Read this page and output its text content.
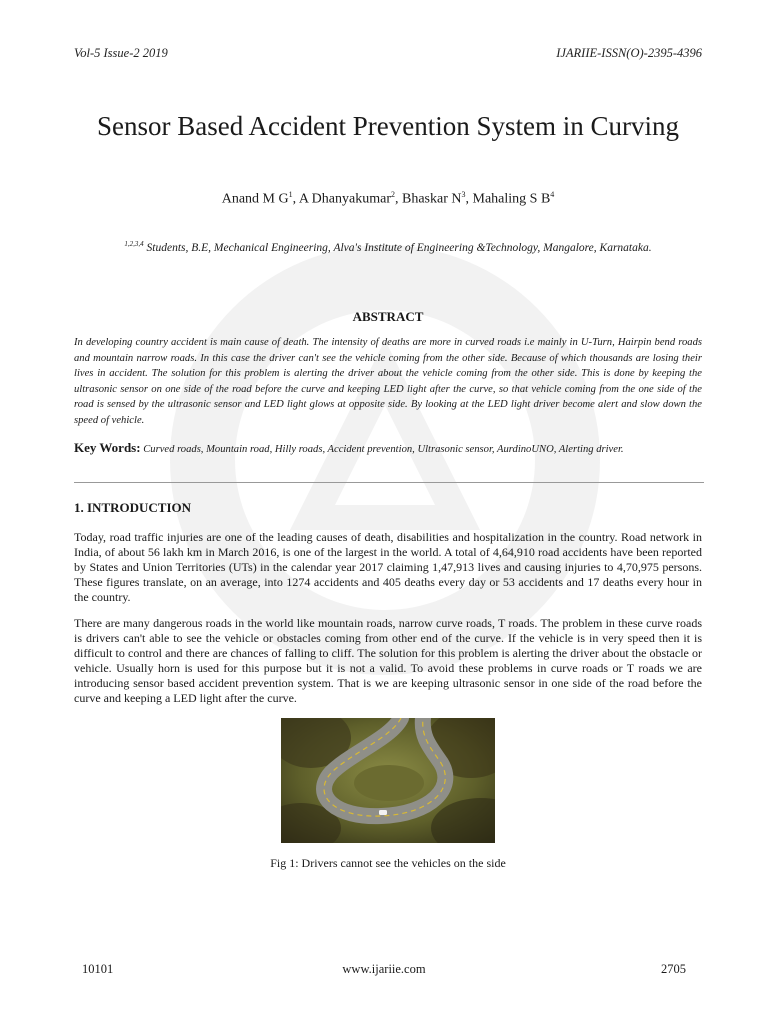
Vol-5 Issue-2 2019	IJARIIE-ISSN(O)-2395-4396
Sensor Based Accident Prevention System in Curving
Anand M $G^1$, A Dhanyakumar$^2$, Bhaskar $N^3$, Mahaling S $B^4$
$^{1,2,3,4}$ Students, B.E, Mechanical Engineering, Alva's Institute of Engineering &Technology, Mangalore, Karnataka.
ABSTRACT
In developing country accident is main cause of death. The intensity of deaths are more in curved roads i.e mainly in U-Turn, Hairpin bend roads and mountain narrow roads. In this case the driver can't see the vehicle coming from the other side. Because of which thousands are losing their lives in accident. The solution for this problem is alerting the driver about the vehicle coming from the other side. This is done by keeping the ultrasonic sensor on one side of the road before the curve and keeping LED light after the curve, so that vehicle coming from the one side of the road is sensed by the ultrasonic sensor and LED light glows at opposite side. By looking at the LED light driver become alert and slow down the speed of vehicle.
Key Words: Curved roads, Mountain road, Hilly roads, Accident prevention, Ultrasonic sensor, AurdinoUNO, Alerting driver.
1. INTRODUCTION
Today, road traffic injuries are one of the leading causes of death, disabilities and hospitalization in the country. Road network in India, of about 56 lakh km in March 2016, is one of the largest in the world. A total of 4,64,910 road accidents have been reported by States and Union Territories (UTs) in the calendar year 2017 claiming 1,47,913 lives and causing injuries to 4,70,975 persons. These figures translate, on an average, into 1274 accidents and 405 deaths every day or 53 accidents and 17 deaths every hour in the country.
There are many dangerous roads in the world like mountain roads, narrow curve roads, T roads. The problem in these curve roads is drivers can't able to see the vehicle or obstacles coming from other end of the curve. If the vehicle is in very speed then it is difficult to control and there are chances of falling to cliff. The solution for this problem is alerting the driver about the obstacle or vehicle. Usually horn is used for this purpose but it is not a valid. To avoid these problems in curve roads or T roads we are introducing sensor based accident prevention system. That is we are keeping ultrasonic sensor in one side of the road before the curve and keeping a LED light after the curve.
Fig 1: Drivers cannot see the vehicles on the side
10101	www.ijariie.com	2705
